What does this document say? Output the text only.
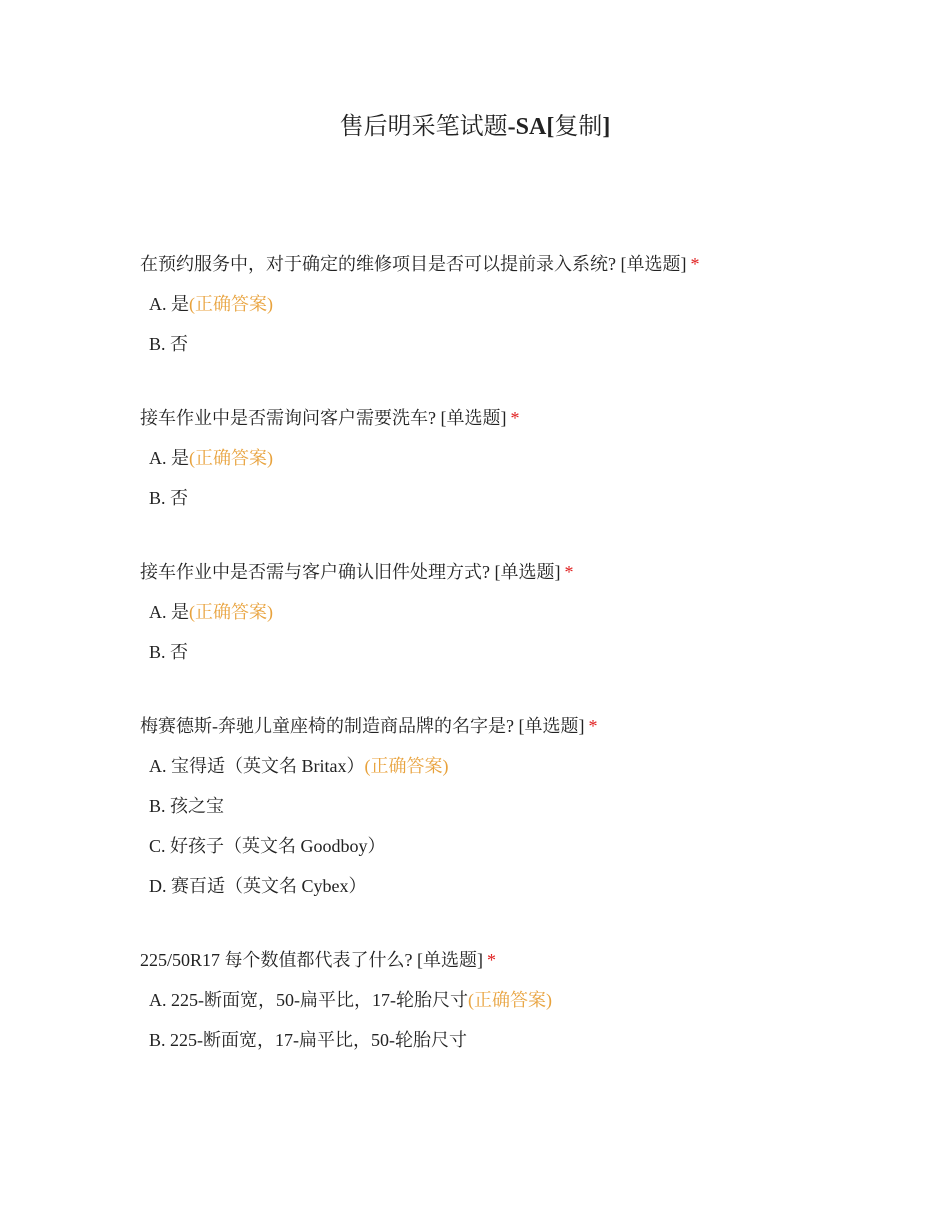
售后明采笔试题-SA[复制]
在预约服务中，对于确定的维修项目是否可以提前录入系统? [单选题] *
A. 是(正确答案)
B. 否
接车作业中是否需询问客户需要洗车? [单选题] *
A. 是(正确答案)
B. 否
接车作业中是否需与客户确认旧件处理方式? [单选题] *
A. 是(正确答案)
B. 否
梅赛德斯-奔驰儿童座椅的制造商品牌的名字是? [单选题] *
A. 宝得适（英文名 Britax）(正确答案)
B. 孩之宝
C. 好孩子（英文名 Goodboy）
D. 赛百适（英文名 Cybex）
225/50R17 每个数值都代表了什么? [单选题] *
A. 225-断面宽，50-扁平比，17-轮胎尺寸(正确答案)
B. 225-断面宽，17-扁平比，50-轮胎尺寸
